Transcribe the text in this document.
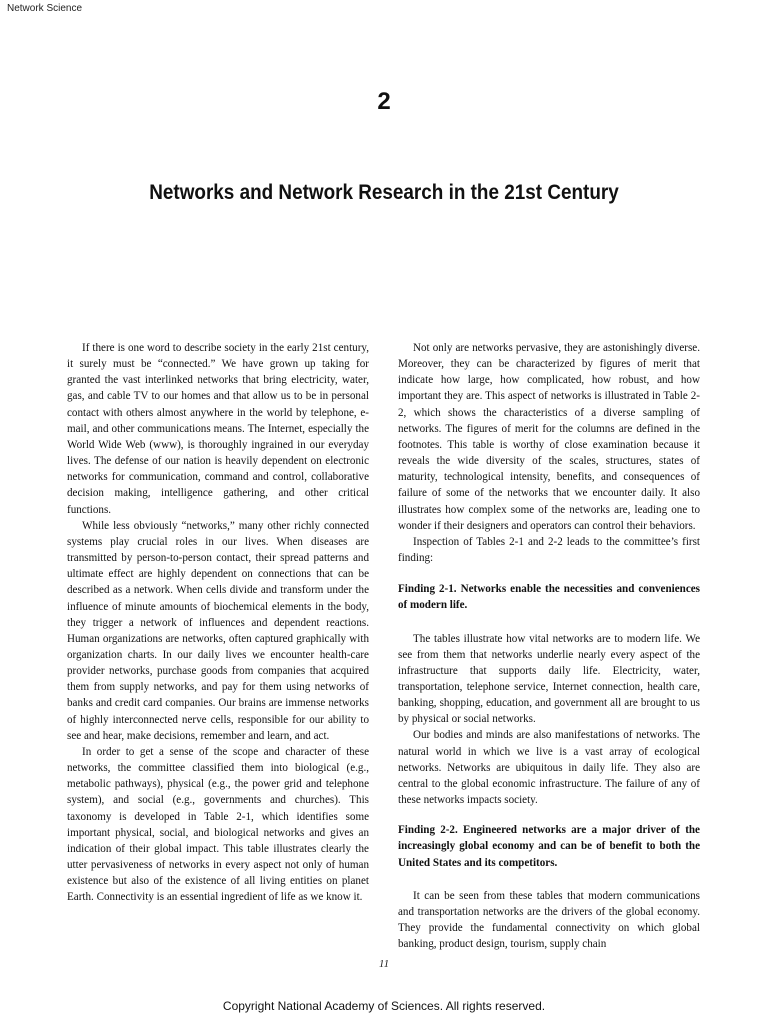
Network Science
2
Networks and Network Research in the 21st Century

If there is one word to describe society in the early 21st century, it surely must be “connected.” We have grown up taking for granted the vast interlinked networks that bring electricity, water, gas, and cable TV to our homes and that allow us to be in personal contact with others almost anywhere in the world by telephone, e-mail, and other communications means. The Internet, especially the World Wide Web (www), is thoroughly ingrained in our everyday lives. The defense of our nation is heavily dependent on electronic networks for communication, command and control, collaborative decision making, intelligence gathering, and other critical functions.

While less obviously “networks,” many other richly connected systems play crucial roles in our lives. When diseases are transmitted by person-to-person contact, their spread patterns and ultimate effect are highly dependent on connections that can be described as a network. When cells divide and transform under the influence of minute amounts of biochemical elements in the body, they trigger a network of influences and dependent reactions. Human organizations are networks, often captured graphically with organization charts. In our daily lives we encounter health-care provider networks, purchase goods from companies that acquired them from supply networks, and pay for them using networks of banks and credit card companies. Our brains are immense networks of highly interconnected nerve cells, responsible for our ability to see and hear, make decisions, remember and learn, and act.

In order to get a sense of the scope and character of these networks, the committee classified them into biological (e.g., metabolic pathways), physical (e.g., the power grid and telephone system), and social (e.g., governments and churches). This taxonomy is developed in Table 2-1, which identifies some important physical, social, and biological networks and gives an indication of their global impact. This table illustrates clearly the utter pervasiveness of networks in every aspect not only of human existence but also of the existence of all living entities on planet Earth. Connectivity is an essential ingredient of life as we know it.

Not only are networks pervasive, they are astonishingly diverse. Moreover, they can be characterized by figures of merit that indicate how large, how complicated, how robust, and how important they are. This aspect of networks is illustrated in Table 2-2, which shows the characteristics of a diverse sampling of networks. The figures of merit for the columns are defined in the footnotes. This table is worthy of close examination because it reveals the wide diversity of the scales, structures, states of maturity, technological intensity, benefits, and consequences of failure of some of the networks that we encounter daily. It also illustrates how complex some of the networks are, leading one to wonder if their designers and operators can control their behaviors.

Inspection of Tables 2-1 and 2-2 leads to the committee’s first finding:

Finding 2-1. Networks enable the necessities and conveniences of modern life.

The tables illustrate how vital networks are to modern life. We see from them that networks underlie nearly every aspect of the infrastructure that supports daily life. Electricity, water, transportation, telephone service, Internet connection, health care, banking, shopping, education, and government all are brought to us by physical or social networks.

Our bodies and minds are also manifestations of networks. The natural world in which we live is a vast array of ecological networks. Networks are ubiquitous in daily life. They also are central to the global economic infrastructure. The failure of any of these networks impacts society.

Finding 2-2. Engineered networks are a major driver of the increasingly global economy and can be of benefit to both the United States and its competitors.

It can be seen from these tables that modern communications and transportation networks are the drivers of the global economy. They provide the fundamental connectivity on which global banking, product design, tourism, supply chain

11
Copyright National Academy of Sciences. All rights reserved.
